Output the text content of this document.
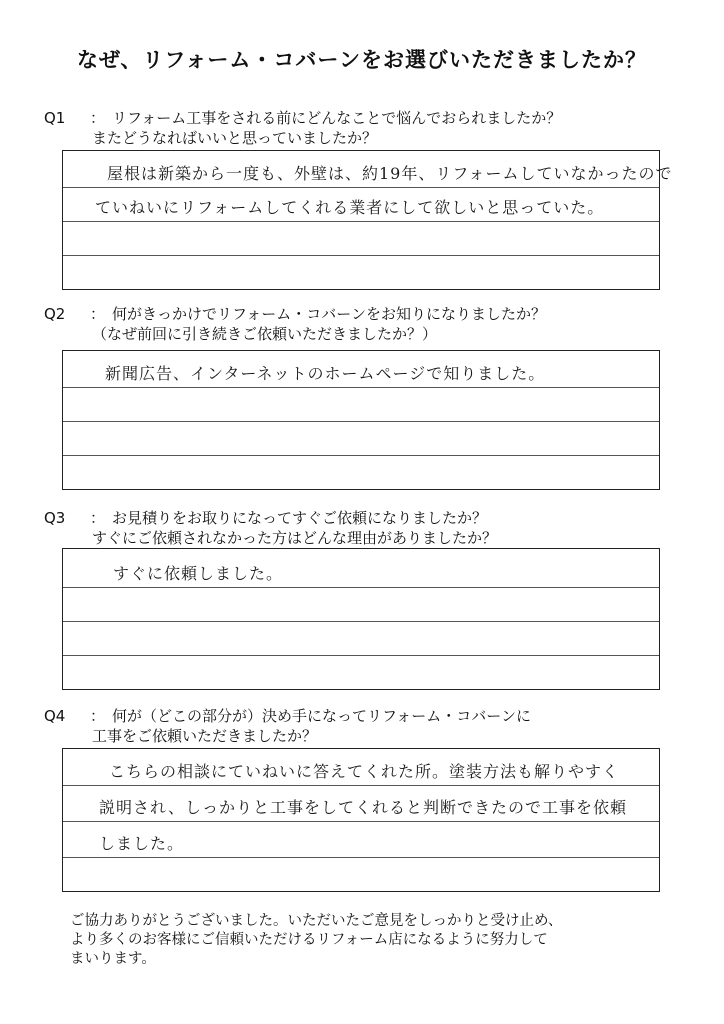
なぜ、リフォーム・コバーンをお選びいただきましたか？
Q1 ： リフォーム工事をされる前にどんなことで悩んでおられましたか？
またどうなればいいと思っていましたか？
屋根は新築から一度も、外壁は、約19年、リフォームしていなかったので
ていねいにリフォームしてくれる業者にして欲しいと思っていた。
Q2 ： 何がきっかけでリフォーム・コバーンをお知りになりましたか？
（なぜ前回に引き続きご依頼いただきましたか？）
新聞広告、インターネットのホームページで知りました。
Q3 ： お見積りをお取りになってすぐご依頼になりましたか？
すぐにご依頼されなかった方はどんな理由がありましたか？
すぐに依頼しました。
Q4 ： 何が（どこの部分が）決め手になってリフォーム・コバーンに
工事をご依頼いただきましたか？
こちらの相談にていねいに答えてくれた所。塗装方法も解りやすく
説明され、しっかりと工事をしてくれると判断できたので工事を依頼
しました。
ご協力ありがとうございました。いただいたご意見をしっかりと受け止め、
より多くのお客様にご信頼いただけるリフォーム店になるように努力して
まいります。
